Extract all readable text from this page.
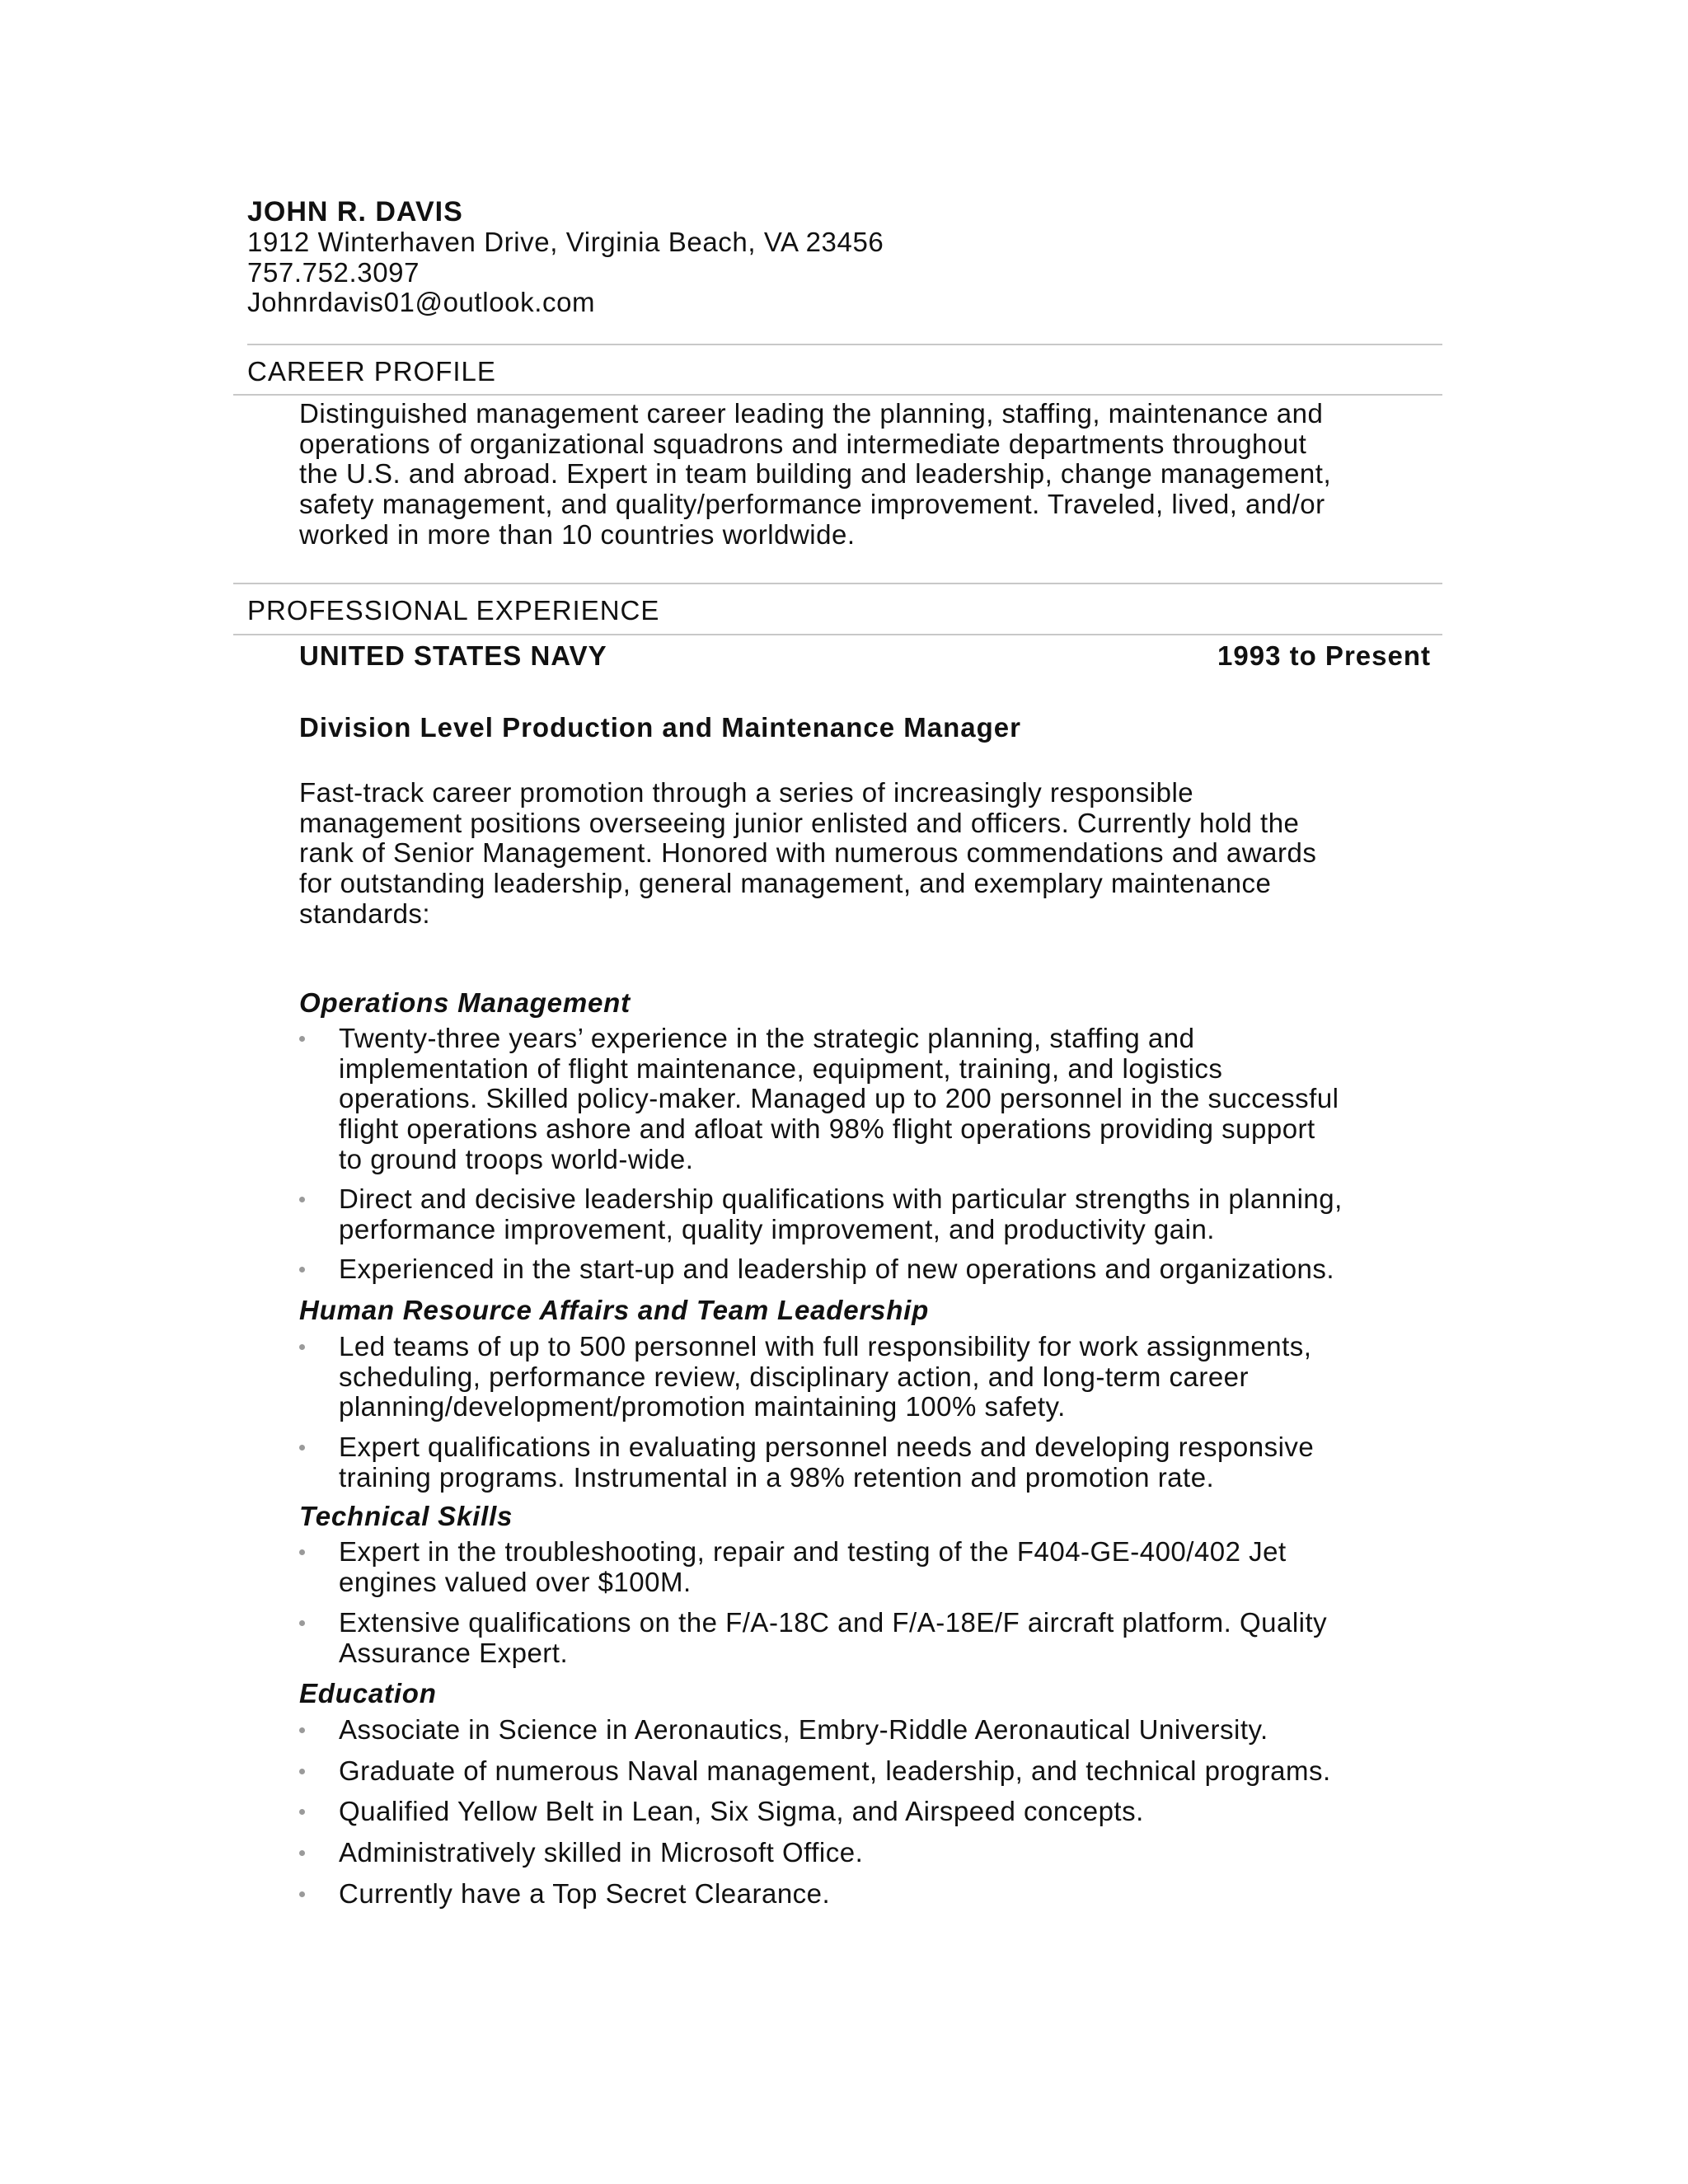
JOHN R. DAVIS
1912 Winterhaven Drive, Virginia Beach, VA 23456
757.752.3097
Johnrdavis01@outlook.com
CAREER PROFILE
Distinguished management career leading the planning, staffing, maintenance and
operations of organizational squadrons and intermediate departments throughout
the U.S. and abroad. Expert in team building and leadership, change management,
safety management, and quality/performance improvement. Traveled, lived, and/or
worked in more than 10 countries worldwide.
PROFESSIONAL EXPERIENCE
UNITED STATES NAVY	1993 to Present
Division Level Production and Maintenance Manager
Fast-track career promotion through a series of increasingly responsible
management positions overseeing junior enlisted and officers. Currently hold the
rank of Senior Management. Honored with numerous commendations and awards
for outstanding leadership, general management, and exemplary maintenance
standards:
Operations Management
Twenty-three years’ experience in the strategic planning, staffing and
implementation of flight maintenance, equipment, training, and logistics
operations. Skilled policy-maker. Managed up to 200 personnel in the successful
flight operations ashore and afloat with 98% flight operations providing support
to ground troops world-wide.
Direct and decisive leadership qualifications with particular strengths in planning,
performance improvement, quality improvement, and productivity gain.
Experienced in the start-up and leadership of new operations and organizations.
Human Resource Affairs and Team Leadership
Led teams of up to 500 personnel with full responsibility for work assignments,
scheduling, performance review, disciplinary action, and long-term career
planning/development/promotion maintaining 100% safety.
Expert qualifications in evaluating personnel needs and developing responsive
training programs. Instrumental in a 98% retention and promotion rate.
Technical Skills
Expert in the troubleshooting, repair and testing of the F404-GE-400/402 Jet
engines valued over $100M.
Extensive qualifications on the F/A-18C and F/A-18E/F aircraft platform. Quality
Assurance Expert.
Education
Associate in Science in Aeronautics, Embry-Riddle Aeronautical University.
Graduate of numerous Naval management, leadership, and technical programs.
Qualified Yellow Belt in Lean, Six Sigma, and Airspeed concepts.
Administratively skilled in Microsoft Office.
Currently have a Top Secret Clearance.
